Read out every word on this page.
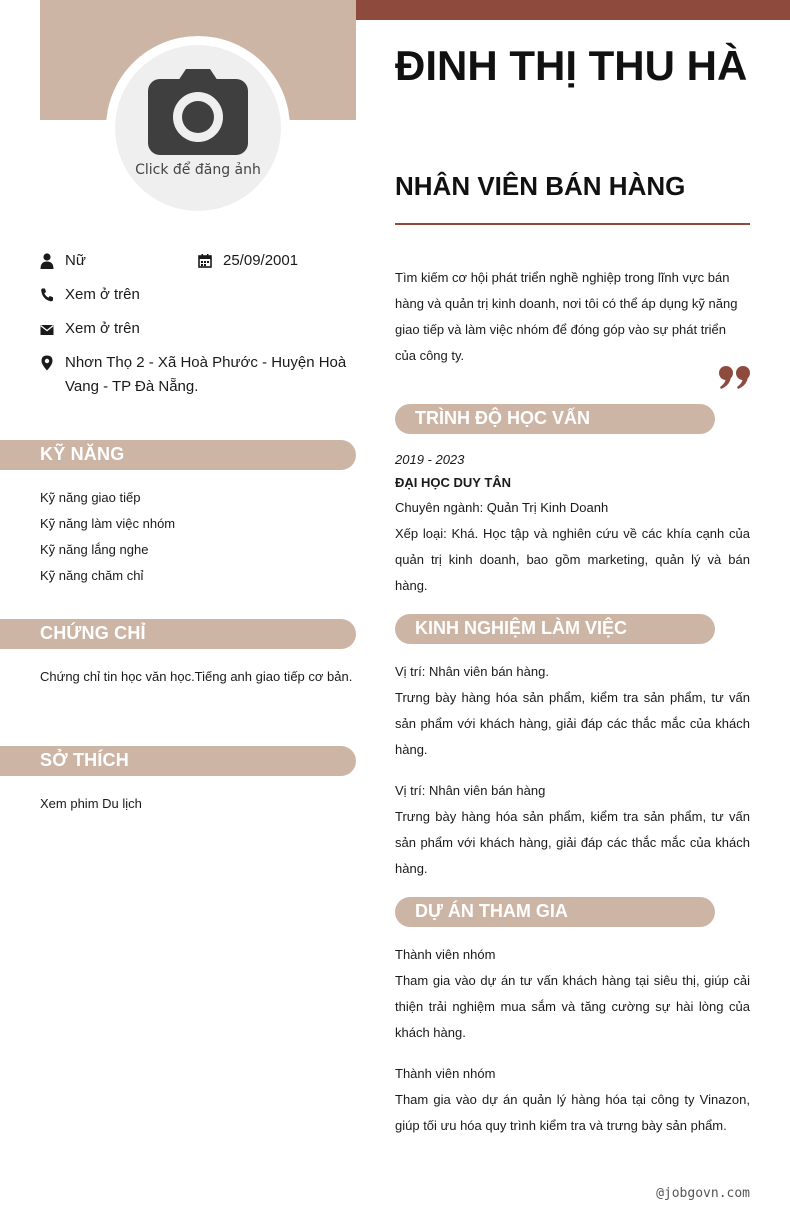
Click để đăng ảnh
Nữ	25/09/2001
Xem ở trên
Xem ở trên
Nhơn Thọ 2 - Xã Hoà Phước - Huyện Hoà Vang - TP Đà Nẵng.
KỸ NĂNG
Kỹ năng giao tiếp
Kỹ năng làm việc nhóm
Kỹ năng lắng nghe
Kỹ năng chăm chỉ
CHỨNG CHỈ
Chứng chỉ tin học văn học.Tiếng anh giao tiếp cơ bản.
SỞ THÍCH
Xem phim Du lịch
ĐINH THỊ THU HÀ
NHÂN VIÊN BÁN HÀNG
Tìm kiếm cơ hội phát triển nghề nghiệp trong lĩnh vực bán hàng và quản trị kinh doanh, nơi tôi có thể áp dụng kỹ năng giao tiếp và làm việc nhóm để đóng góp vào sự phát triển của công ty.
TRÌNH ĐỘ HỌC VẤN
2019 - 2023
ĐẠI HỌC DUY TÂN
Chuyên ngành: Quản Trị Kinh Doanh
Xếp loại: Khá. Học tập và nghiên cứu về các khía cạnh của quản trị kinh doanh, bao gồm marketing, quản lý và bán hàng.
KINH NGHIỆM LÀM VIỆC
Vị trí: Nhân viên bán hàng.
Trưng bày hàng hóa sản phẩm, kiểm tra sản phẩm, tư vấn sản phẩm với khách hàng, giải đáp các thắc mắc của khách hàng.
Vị trí: Nhân viên bán hàng
Trưng bày hàng hóa sản phẩm, kiểm tra sản phẩm, tư vấn sản phẩm với khách hàng, giải đáp các thắc mắc của khách hàng.
DỰ ÁN THAM GIA
Thành viên nhóm
Tham gia vào dự án tư vấn khách hàng tại siêu thị, giúp cải thiện trải nghiệm mua sắm và tăng cường sự hài lòng của khách hàng.
Thành viên nhóm
Tham gia vào dự án quản lý hàng hóa tại công ty Vinazon, giúp tối ưu hóa quy trình kiểm tra và trưng bày sản phẩm.
@jobgovn.com
